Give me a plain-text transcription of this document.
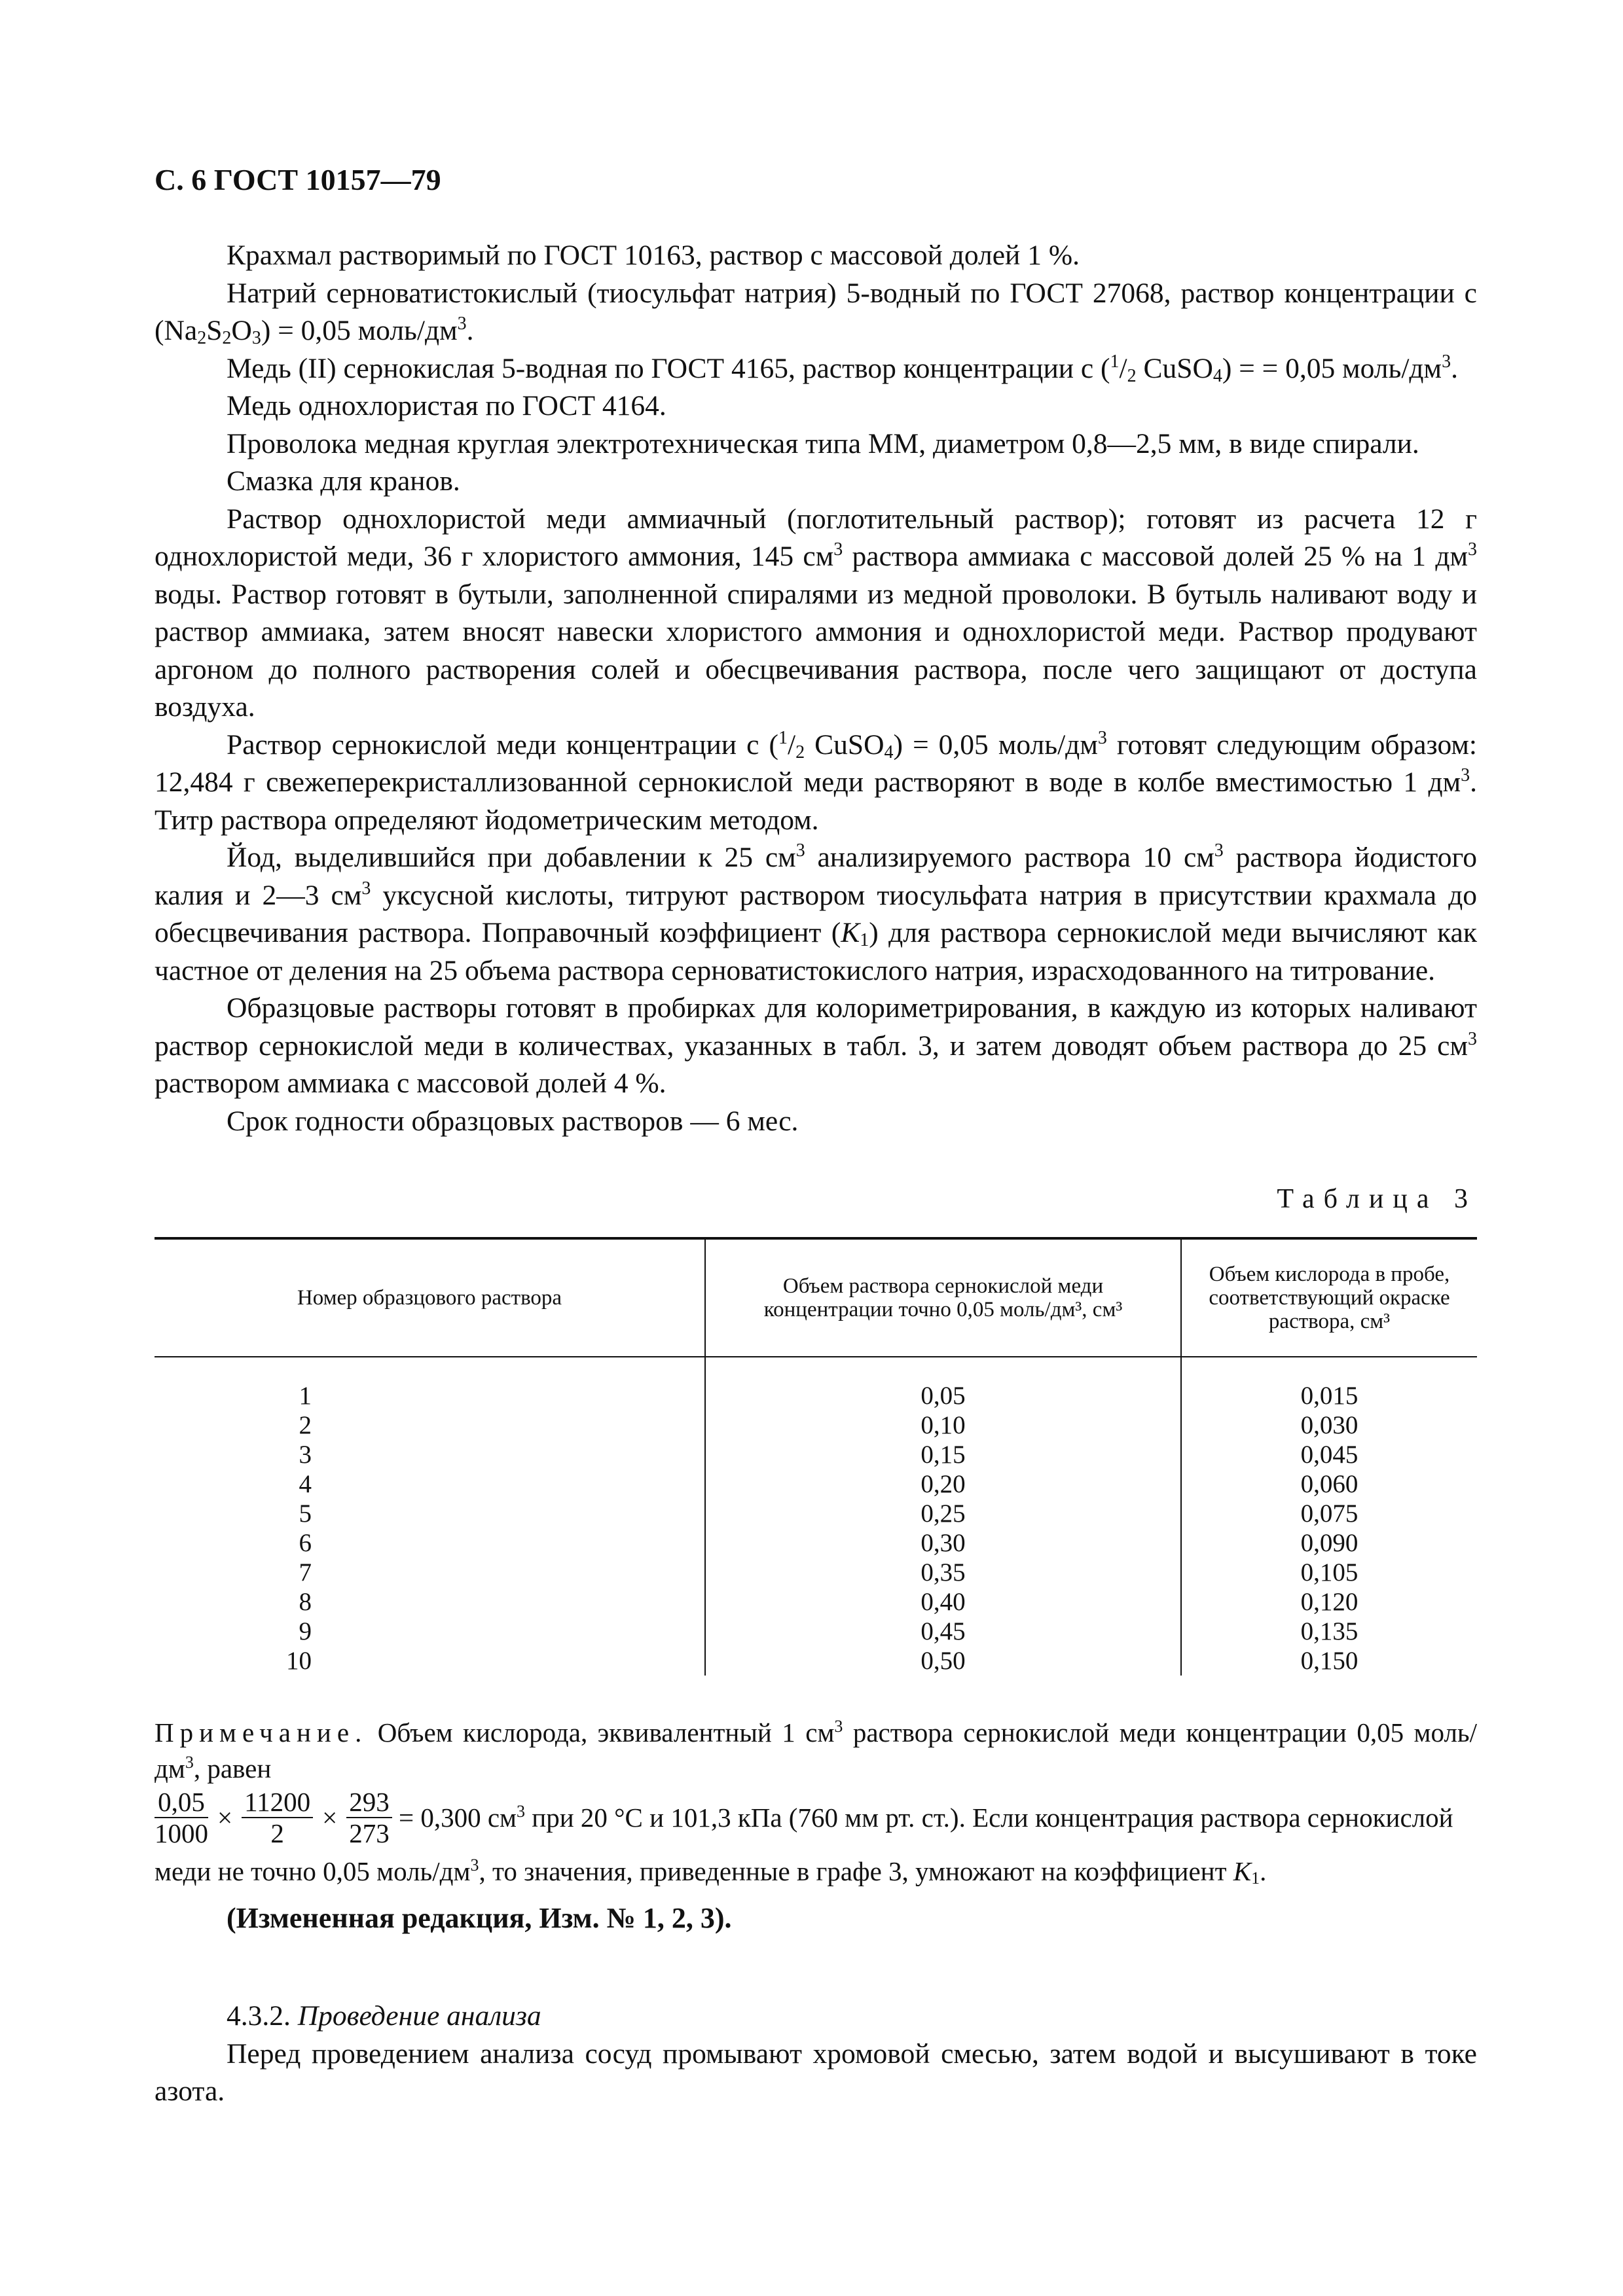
С. 6 ГОСТ 10157—79

Крахмал растворимый по ГОСТ 10163, раствор с массовой долей 1 %.

Натрий серноватистокислый (тиосульфат натрия) 5-водный по ГОСТ 27068, раствор концентрации c $(Na_2S_2O_3) = 0,05$ моль/$дм^3$.

Медь (II) сернокислая 5-водная по ГОСТ 4165, раствор концентрации c ($^1/_2$ CuSO$_4$) = = 0,05 моль/$дм^3$.

Медь однохлористая по ГОСТ 4164.

Проволока медная круглая электротехническая типа ММ, диаметром 0,8—2,5 мм, в виде спирали.

Смазка для кранов.

Раствор однохлористой меди аммиачный (поглотительный раствор); готовят из расчета 12 г однохлористой меди, 36 г хлористого аммония, 145 $см^3$ раствора аммиака с массовой долей 25 % на 1 $дм^3$ воды. Раствор готовят в бутыли, заполненной спиралями из медной проволоки. В бутыль наливают воду и раствор аммиака, затем вносят навески хлористого аммония и однохлористой меди. Раствор продувают аргоном до полного растворения солей и обесцвечивания раствора, после чего защищают от доступа воздуха.

Раствор сернокислой меди концентрации c ($^1/_2$ CuSO$_4$) = 0,05 моль/$дм^3$ готовят следующим образом: 12,484 г свежеперекристаллизованной сернокислой меди растворяют в воде в колбе вместимостью 1 $дм^3$. Титр раствора определяют йодометрическим методом.

Йод, выделившийся при добавлении к 25 $см^3$ анализируемого раствора 10 $см^3$ раствора йодистого калия и 2—3 $см^3$ уксусной кислоты, титруют раствором тиосульфата натрия в присутствии крахмала до обесцвечивания раствора. Поправочный коэффициент $(K_1)$ для раствора сернокислой меди вычисляют как частное от деления на 25 объема раствора серноватистокислого натрия, израсходованного на титрование.

Образцовые растворы готовят в пробирках для колориметрирования, в каждую из которых наливают раствор сернокислой меди в количествах, указанных в табл. 3, и затем доводят объем раствора до 25 $см^3$ раствором аммиака с массовой долей 4 %.

Срок годности образцовых растворов — 6 мес.

Таблица 3
Номер образцового раствора	Объем раствора сернокислой меди концентрации точно 0,05 моль/дм³, см³	Объем кислорода в пробе, соответствующий окраске раствора, см³
1	0,05	0,015
2	0,10	0,030
3	0,15	0,045
4	0,20	0,060
5	0,25	0,075
6	0,30	0,090
7	0,35	0,105
8	0,40	0,120
9	0,45	0,135
10	0,50	0,150

Примечание. Объем кислорода, эквивалентный 1 $см^3$ раствора сернокислой меди концентрации 0,05 моль/$дм^3$, равен

$\frac{0,05}{1000} \times \frac{11200}{2} \times \frac{293}{273} = 0,300$ $см^3$ при 20 °С и 101,3 кПа (760 мм рт. ст.). Если концентрация раствора сернокислой меди не точно 0,05 моль/$дм^3$, то значения, приведенные в графе 3, умножают на коэффициент $K_1$.
(Измененная редакция, Изм. № 1, 2, 3).

4.3.2. Проведение анализа

Перед проведением анализа сосуд промывают хромовой смесью, затем водой и высушивают в токе азота.
